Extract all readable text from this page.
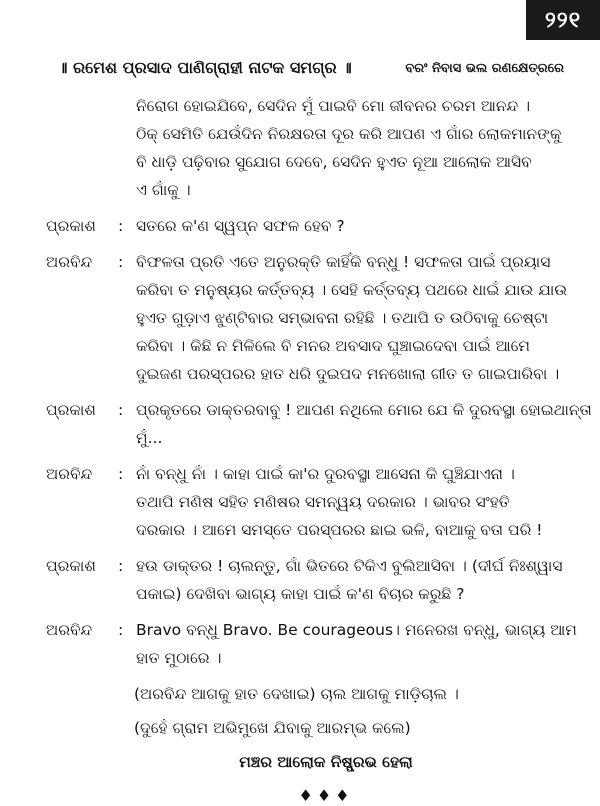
୨୨୧
॥ ରମେଶ ପ୍ରସାଦ ପାଣିଗ୍ରାହୀ ନାଟକ ସମଗ୍ର ॥	ବରଂ ନିବାସ ଭଲ ରଣକ୍ଷେତ୍ରରେ
ନିରୋଗ ହୋଇଯିବେ, ସେଦିନ ମୁଁ ପାଇବି ମୋ ଜୀବନର ଚରମ ଆନନ୍ଦ ।
ଠିକ୍ ସେମିତି ଯେଉଁଦିନ ନିରକ୍ଷରତା ଦୂର କରି ଆପଣ ଏ ଗାଁର ଲୋକମାନଙ୍କୁ
ବି ଧାଡ଼ି ପଢ଼ିବାର ସୁଯୋଗ ଦେବେ, ସେଦିନ ହୁଏତ ନୂଆ ଆଲୋକ ଆସିବ
ଏ ଗାଁକୁ ।
ପ୍ରକାଶ	: ସତରେ କ'ଣ ସ୍ୱପ୍ନ ସଫଳ ହେବ ?
ଅରବିନ୍ଦ	: ବିଫଳତା ପ୍ରତି ଏତେ ଅନୁରକ୍ତି କାହିଁକି ବନ୍ଧୁ ! ସଫଳତା ପାଇଁ ପ୍ରୟାସ
କରିବା ତ ମନୁଷ୍ୟର କର୍ତ୍ତବ୍ୟ । ସେହି କର୍ତ୍ତବ୍ୟ ପଥରେ ଧାଇଁ ଯାଉ ଯାଉ
ହୁଏତ ଗୁଡ଼ାଏ ଝୁଣ୍ଟିବାର ସମ୍ଭାବନା ରହିଛି । ତଥାପି ତ ଉଠିବାକୁ ଚେଷ୍ଟା
କରିବା । କିଛି ନ ମିଳିଲେ ବି ମନର ଅବସାଦ ଘୁଞ୍ଚାଇଦେବା ପାଇଁ ଆମେ
ଦୁଇଜଣ ପରସ୍ପରର ହାତ ଧରି ଦୁଇପଦ ମନଖୋଲା ଗୀତ ତ ଗାଇପାରିବା ।
ପ୍ରକାଶ	: ପ୍ରକୃତରେ ଡାକ୍ତରବାବୁ ! ଆପଣ ନଥିଲେ ମୋର ଯେ କି ଦୁରବସ୍ଥା ହୋଇଥାନ୍ତା
ମୁଁ...
ଅରବିନ୍ଦ	: ନାଁ ବନ୍ଧୁ ନାଁ । କାହା ପାଇଁ କା'ର ଦୁରବସ୍ଥା ଆସେନା କି ଘୁଞ୍ଚିଯାଏନା ।
ତଥାପି ମଣିଷ ସହିତ ମଣିଷର ସମନ୍ୱୟ ଦରକାର । ଭାବର ସଂହତି
ଦରକାର । ଆମେ ସମସ୍ତେ ପରସ୍ପରର ଛାଇ ଭଳି, ବାଆକୁ ବତା ପରି !
ପ୍ରକାଶ	: ହଉ ଡାକ୍ତର ! ଚାଲନ୍ତୁ, ଗାଁ ଭିତରେ ଟିକିଏ ବୁଲିଆସିବା । (ଦୀର୍ଘ ନିଃଶ୍ୱାସ
ପକାଇ) ଦେଖିବା ଭାଗ୍ୟ କାହା ପାଇଁ କ'ଣ ବିଚାର କରୁଛି ?
ଅରବିନ୍ଦ	: Bravo ବନ୍ଧୁ Bravo. Be courageous। ମନେରଖ ବନ୍ଧୁ, ଭାଗ୍ୟ ଆମ
ହାତ ମୁଠାରେ ।
(ଅରବିନ୍ଦ ଆଗକୁ ହାତ ଦେଖାଇ) ଚାଲ ଆଗକୁ ମାଡ଼ିଚାଲ ।
(ଦୁହେଁ ଗ୍ରାମ ଅଭିମୁଖେ ଯିବାକୁ ଆରମ୍ଭ କଲେ)
ମଞ୍ଚର ଆଲୋକ ନିଷ୍ପ୍ରଭ ହେଲା
♦♦♦
